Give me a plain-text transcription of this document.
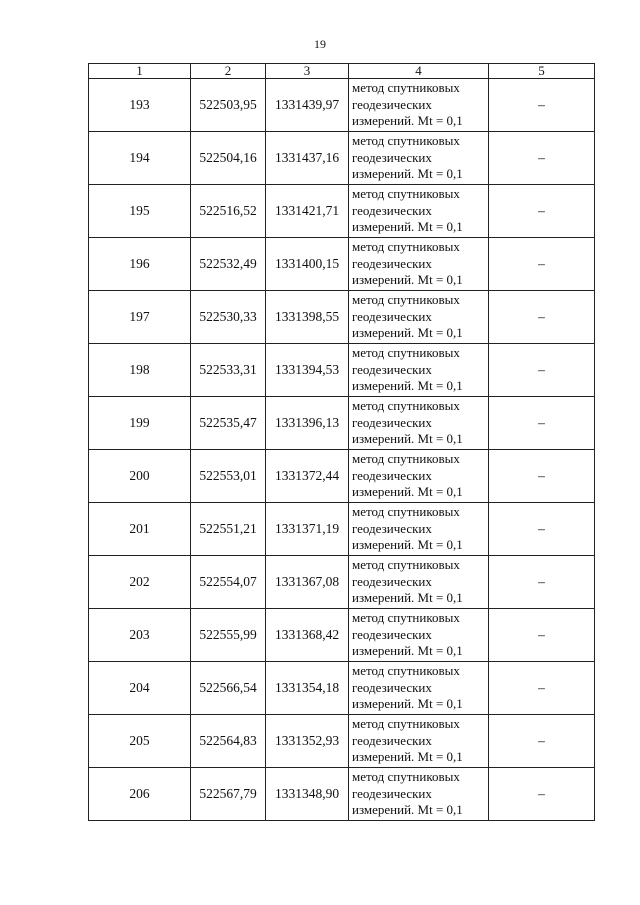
19
1	2	3	4	5
193	522503,95	1331439,97	метод спутниковых
геодезических
измерений. Mt = 0,1	–
194	522504,16	1331437,16	метод спутниковых
геодезических
измерений. Mt = 0,1	–
195	522516,52	1331421,71	метод спутниковых
геодезических
измерений. Mt = 0,1	–
196	522532,49	1331400,15	метод спутниковых
геодезических
измерений. Mt = 0,1	–
197	522530,33	1331398,55	метод спутниковых
геодезических
измерений. Mt = 0,1	–
198	522533,31	1331394,53	метод спутниковых
геодезических
измерений. Mt = 0,1	–
199	522535,47	1331396,13	метод спутниковых
геодезических
измерений. Mt = 0,1	–
200	522553,01	1331372,44	метод спутниковых
геодезических
измерений. Mt = 0,1	–
201	522551,21	1331371,19	метод спутниковых
геодезических
измерений. Mt = 0,1	–
202	522554,07	1331367,08	метод спутниковых
геодезических
измерений. Mt = 0,1	–
203	522555,99	1331368,42	метод спутниковых
геодезических
измерений. Mt = 0,1	–
204	522566,54	1331354,18	метод спутниковых
геодезических
измерений. Mt = 0,1	–
205	522564,83	1331352,93	метод спутниковых
геодезических
измерений. Mt = 0,1	–
206	522567,79	1331348,90	метод спутниковых
геодезических
измерений. Mt = 0,1	–
